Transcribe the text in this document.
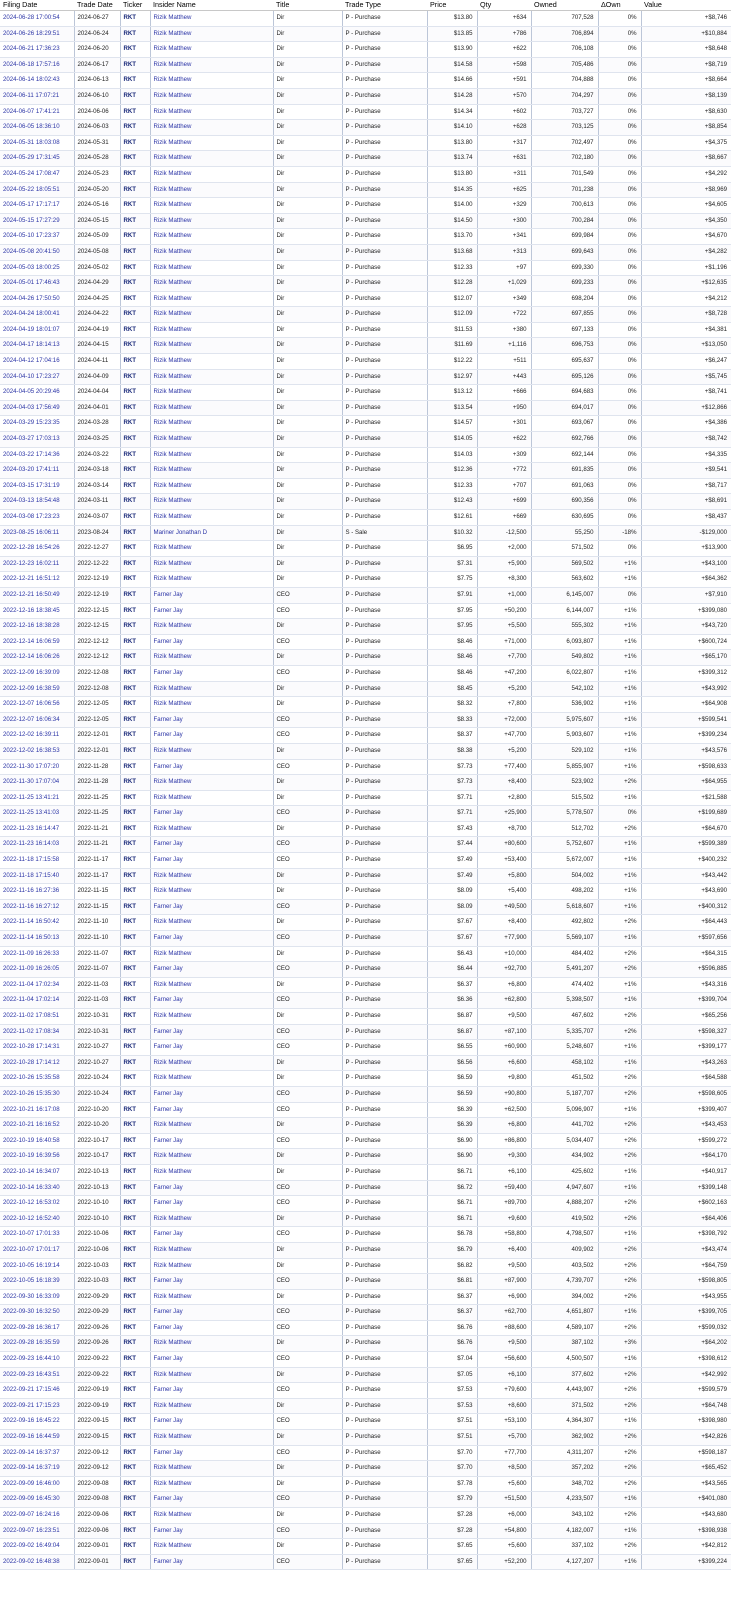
Filing Date	Trade Date	Ticker	Insider Name	Title	Trade Type	Price	Qty	Owned	ΔOwn	Value
2024-06-28 17:00:54	2024-06-27	RKT	Rizik Matthew	Dir	P - Purchase	$13.80	+634	707,528	0%	+$8,746
2024-06-26 18:29:51	2024-06-24	RKT	Rizik Matthew	Dir	P - Purchase	$13.85	+786	706,894	0%	+$10,884
2024-06-21 17:36:23	2024-06-20	RKT	Rizik Matthew	Dir	P - Purchase	$13.90	+622	706,108	0%	+$8,648
2024-06-18 17:57:16	2024-06-17	RKT	Rizik Matthew	Dir	P - Purchase	$14.58	+598	705,486	0%	+$8,719
2024-06-14 18:02:43	2024-06-13	RKT	Rizik Matthew	Dir	P - Purchase	$14.66	+591	704,888	0%	+$8,664
2024-06-11 17:07:21	2024-06-10	RKT	Rizik Matthew	Dir	P - Purchase	$14.28	+570	704,297	0%	+$8,139
2024-06-07 17:41:21	2024-06-06	RKT	Rizik Matthew	Dir	P - Purchase	$14.34	+602	703,727	0%	+$8,630
2024-06-05 18:36:10	2024-06-03	RKT	Rizik Matthew	Dir	P - Purchase	$14.10	+628	703,125	0%	+$8,854
2024-05-31 18:03:08	2024-05-31	RKT	Rizik Matthew	Dir	P - Purchase	$13.80	+317	702,497	0%	+$4,375
2024-05-29 17:31:45	2024-05-28	RKT	Rizik Matthew	Dir	P - Purchase	$13.74	+631	702,180	0%	+$8,667
2024-05-24 17:08:47	2024-05-23	RKT	Rizik Matthew	Dir	P - Purchase	$13.80	+311	701,549	0%	+$4,292
2024-05-22 18:05:51	2024-05-20	RKT	Rizik Matthew	Dir	P - Purchase	$14.35	+625	701,238	0%	+$8,969
2024-05-17 17:17:17	2024-05-16	RKT	Rizik Matthew	Dir	P - Purchase	$14.00	+329	700,613	0%	+$4,605
2024-05-15 17:27:29	2024-05-15	RKT	Rizik Matthew	Dir	P - Purchase	$14.50	+300	700,284	0%	+$4,350
2024-05-10 17:23:37	2024-05-09	RKT	Rizik Matthew	Dir	P - Purchase	$13.70	+341	699,984	0%	+$4,670
2024-05-08 20:41:50	2024-05-08	RKT	Rizik Matthew	Dir	P - Purchase	$13.68	+313	699,643	0%	+$4,282
2024-05-03 18:00:25	2024-05-02	RKT	Rizik Matthew	Dir	P - Purchase	$12.33	+97	699,330	0%	+$1,196
2024-05-01 17:46:43	2024-04-29	RKT	Rizik Matthew	Dir	P - Purchase	$12.28	+1,029	699,233	0%	+$12,635
2024-04-26 17:50:50	2024-04-25	RKT	Rizik Matthew	Dir	P - Purchase	$12.07	+349	698,204	0%	+$4,212
2024-04-24 18:00:41	2024-04-22	RKT	Rizik Matthew	Dir	P - Purchase	$12.09	+722	697,855	0%	+$8,728
2024-04-19 18:01:07	2024-04-19	RKT	Rizik Matthew	Dir	P - Purchase	$11.53	+380	697,133	0%	+$4,381
2024-04-17 18:14:13	2024-04-15	RKT	Rizik Matthew	Dir	P - Purchase	$11.69	+1,116	696,753	0%	+$13,050
2024-04-12 17:04:16	2024-04-11	RKT	Rizik Matthew	Dir	P - Purchase	$12.22	+511	695,637	0%	+$6,247
2024-04-10 17:23:27	2024-04-09	RKT	Rizik Matthew	Dir	P - Purchase	$12.97	+443	695,126	0%	+$5,745
2024-04-05 20:29:46	2024-04-04	RKT	Rizik Matthew	Dir	P - Purchase	$13.12	+666	694,683	0%	+$8,741
2024-04-03 17:56:49	2024-04-01	RKT	Rizik Matthew	Dir	P - Purchase	$13.54	+950	694,017	0%	+$12,866
2024-03-29 15:23:35	2024-03-28	RKT	Rizik Matthew	Dir	P - Purchase	$14.57	+301	693,067	0%	+$4,386
2024-03-27 17:03:13	2024-03-25	RKT	Rizik Matthew	Dir	P - Purchase	$14.05	+622	692,766	0%	+$8,742
2024-03-22 17:14:36	2024-03-22	RKT	Rizik Matthew	Dir	P - Purchase	$14.03	+309	692,144	0%	+$4,335
2024-03-20 17:41:11	2024-03-18	RKT	Rizik Matthew	Dir	P - Purchase	$12.36	+772	691,835	0%	+$9,541
2024-03-15 17:31:19	2024-03-14	RKT	Rizik Matthew	Dir	P - Purchase	$12.33	+707	691,063	0%	+$8,717
2024-03-13 18:54:48	2024-03-11	RKT	Rizik Matthew	Dir	P - Purchase	$12.43	+699	690,356	0%	+$8,691
2024-03-08 17:23:23	2024-03-07	RKT	Rizik Matthew	Dir	P - Purchase	$12.61	+669	630,695	0%	+$8,437
2023-08-25 16:06:11	2023-08-24	RKT	Mariner Jonathan D	Dir	S - Sale	$10.32	-12,500	55,250	-18%	-$129,000
2022-12-28 16:54:26	2022-12-27	RKT	Rizik Matthew	Dir	P - Purchase	$6.95	+2,000	571,502	0%	+$13,900
2022-12-23 16:02:11	2022-12-22	RKT	Rizik Matthew	Dir	P - Purchase	$7.31	+5,900	569,502	+1%	+$43,100
2022-12-21 16:51:12	2022-12-19	RKT	Rizik Matthew	Dir	P - Purchase	$7.75	+8,300	563,602	+1%	+$64,362
2022-12-21 16:50:49	2022-12-19	RKT	Farner Jay	CEO	P - Purchase	$7.91	+1,000	6,145,007	0%	+$7,910
2022-12-16 18:38:45	2022-12-15	RKT	Farner Jay	CEO	P - Purchase	$7.95	+50,200	6,144,007	+1%	+$399,080
2022-12-16 18:38:28	2022-12-15	RKT	Rizik Matthew	Dir	P - Purchase	$7.95	+5,500	555,302	+1%	+$43,720
2022-12-14 16:06:59	2022-12-12	RKT	Farner Jay	CEO	P - Purchase	$8.46	+71,000	6,093,807	+1%	+$600,724
2022-12-14 16:06:26	2022-12-12	RKT	Rizik Matthew	Dir	P - Purchase	$8.46	+7,700	549,802	+1%	+$65,170
2022-12-09 16:39:09	2022-12-08	RKT	Farner Jay	CEO	P - Purchase	$8.46	+47,200	6,022,807	+1%	+$399,312
2022-12-09 16:38:59	2022-12-08	RKT	Rizik Matthew	Dir	P - Purchase	$8.45	+5,200	542,102	+1%	+$43,992
2022-12-07 16:06:56	2022-12-05	RKT	Rizik Matthew	Dir	P - Purchase	$8.32	+7,800	536,902	+1%	+$64,908
2022-12-07 16:06:34	2022-12-05	RKT	Farner Jay	CEO	P - Purchase	$8.33	+72,000	5,975,607	+1%	+$599,541
2022-12-02 16:39:11	2022-12-01	RKT	Farner Jay	CEO	P - Purchase	$8.37	+47,700	5,903,607	+1%	+$399,234
2022-12-02 16:38:53	2022-12-01	RKT	Rizik Matthew	Dir	P - Purchase	$8.38	+5,200	529,102	+1%	+$43,576
2022-11-30 17:07:20	2022-11-28	RKT	Farner Jay	CEO	P - Purchase	$7.73	+77,400	5,855,907	+1%	+$598,633
2022-11-30 17:07:04	2022-11-28	RKT	Rizik Matthew	Dir	P - Purchase	$7.73	+8,400	523,902	+2%	+$64,955
2022-11-25 13:41:21	2022-11-25	RKT	Rizik Matthew	Dir	P - Purchase	$7.71	+2,800	515,502	+1%	+$21,588
2022-11-25 13:41:03	2022-11-25	RKT	Farner Jay	CEO	P - Purchase	$7.71	+25,900	5,778,507	0%	+$199,689
2022-11-23 16:14:47	2022-11-21	RKT	Rizik Matthew	Dir	P - Purchase	$7.43	+8,700	512,702	+2%	+$64,670
2022-11-23 16:14:03	2022-11-21	RKT	Farner Jay	CEO	P - Purchase	$7.44	+80,600	5,752,607	+1%	+$599,389
2022-11-18 17:15:58	2022-11-17	RKT	Farner Jay	CEO	P - Purchase	$7.49	+53,400	5,672,007	+1%	+$400,232
2022-11-18 17:15:40	2022-11-17	RKT	Rizik Matthew	Dir	P - Purchase	$7.49	+5,800	504,002	+1%	+$43,442
2022-11-16 16:27:36	2022-11-15	RKT	Rizik Matthew	Dir	P - Purchase	$8.09	+5,400	498,202	+1%	+$43,690
2022-11-16 16:27:12	2022-11-15	RKT	Farner Jay	CEO	P - Purchase	$8.09	+49,500	5,618,607	+1%	+$400,312
2022-11-14 16:50:42	2022-11-10	RKT	Rizik Matthew	Dir	P - Purchase	$7.67	+8,400	492,802	+2%	+$64,443
2022-11-14 16:50:13	2022-11-10	RKT	Farner Jay	CEO	P - Purchase	$7.67	+77,900	5,569,107	+1%	+$597,656
2022-11-09 16:26:33	2022-11-07	RKT	Rizik Matthew	Dir	P - Purchase	$6.43	+10,000	484,402	+2%	+$64,315
2022-11-09 16:26:05	2022-11-07	RKT	Farner Jay	CEO	P - Purchase	$6.44	+92,700	5,491,207	+2%	+$596,885
2022-11-04 17:02:34	2022-11-03	RKT	Rizik Matthew	Dir	P - Purchase	$6.37	+6,800	474,402	+1%	+$43,316
2022-11-04 17:02:14	2022-11-03	RKT	Farner Jay	CEO	P - Purchase	$6.36	+62,800	5,398,507	+1%	+$399,704
2022-11-02 17:08:51	2022-10-31	RKT	Rizik Matthew	Dir	P - Purchase	$6.87	+9,500	467,602	+2%	+$65,256
2022-11-02 17:08:34	2022-10-31	RKT	Farner Jay	CEO	P - Purchase	$6.87	+87,100	5,335,707	+2%	+$598,327
2022-10-28 17:14:31	2022-10-27	RKT	Farner Jay	CEO	P - Purchase	$6.55	+60,900	5,248,607	+1%	+$399,177
2022-10-28 17:14:12	2022-10-27	RKT	Rizik Matthew	Dir	P - Purchase	$6.56	+6,600	458,102	+1%	+$43,263
2022-10-26 15:35:58	2022-10-24	RKT	Rizik Matthew	Dir	P - Purchase	$6.59	+9,800	451,502	+2%	+$64,588
2022-10-26 15:35:30	2022-10-24	RKT	Farner Jay	CEO	P - Purchase	$6.59	+90,800	5,187,707	+2%	+$598,605
2022-10-21 16:17:08	2022-10-20	RKT	Farner Jay	CEO	P - Purchase	$6.39	+62,500	5,096,907	+1%	+$399,407
2022-10-21 16:16:52	2022-10-20	RKT	Rizik Matthew	Dir	P - Purchase	$6.39	+6,800	441,702	+2%	+$43,453
2022-10-19 16:40:58	2022-10-17	RKT	Farner Jay	CEO	P - Purchase	$6.90	+86,800	5,034,407	+2%	+$599,272
2022-10-19 16:39:56	2022-10-17	RKT	Rizik Matthew	Dir	P - Purchase	$6.90	+9,300	434,902	+2%	+$64,170
2022-10-14 16:34:07	2022-10-13	RKT	Rizik Matthew	Dir	P - Purchase	$6.71	+6,100	425,602	+1%	+$40,917
2022-10-14 16:33:40	2022-10-13	RKT	Farner Jay	CEO	P - Purchase	$6.72	+59,400	4,947,607	+1%	+$399,148
2022-10-12 16:53:02	2022-10-10	RKT	Farner Jay	CEO	P - Purchase	$6.71	+89,700	4,888,207	+2%	+$602,163
2022-10-12 16:52:40	2022-10-10	RKT	Rizik Matthew	Dir	P - Purchase	$6.71	+9,600	419,502	+2%	+$64,406
2022-10-07 17:01:33	2022-10-06	RKT	Farner Jay	CEO	P - Purchase	$6.78	+58,800	4,798,507	+1%	+$398,792
2022-10-07 17:01:17	2022-10-06	RKT	Rizik Matthew	Dir	P - Purchase	$6.79	+6,400	409,902	+2%	+$43,474
2022-10-05 16:19:14	2022-10-03	RKT	Rizik Matthew	Dir	P - Purchase	$6.82	+9,500	403,502	+2%	+$64,759
2022-10-05 16:18:39	2022-10-03	RKT	Farner Jay	CEO	P - Purchase	$6.81	+87,900	4,739,707	+2%	+$598,805
2022-09-30 16:33:09	2022-09-29	RKT	Rizik Matthew	Dir	P - Purchase	$6.37	+6,900	394,002	+2%	+$43,955
2022-09-30 16:32:50	2022-09-29	RKT	Farner Jay	CEO	P - Purchase	$6.37	+62,700	4,651,807	+1%	+$399,705
2022-09-28 16:36:17	2022-09-26	RKT	Farner Jay	CEO	P - Purchase	$6.76	+88,600	4,589,107	+2%	+$599,032
2022-09-28 16:35:59	2022-09-26	RKT	Rizik Matthew	Dir	P - Purchase	$6.76	+9,500	387,102	+3%	+$64,202
2022-09-23 16:44:10	2022-09-22	RKT	Farner Jay	CEO	P - Purchase	$7.04	+56,600	4,500,507	+1%	+$398,612
2022-09-23 16:43:51	2022-09-22	RKT	Rizik Matthew	Dir	P - Purchase	$7.05	+6,100	377,602	+2%	+$42,992
2022-09-21 17:15:46	2022-09-19	RKT	Farner Jay	CEO	P - Purchase	$7.53	+79,600	4,443,907	+2%	+$599,579
2022-09-21 17:15:23	2022-09-19	RKT	Rizik Matthew	Dir	P - Purchase	$7.53	+8,600	371,502	+2%	+$64,748
2022-09-16 16:45:22	2022-09-15	RKT	Farner Jay	CEO	P - Purchase	$7.51	+53,100	4,364,307	+1%	+$398,980
2022-09-16 16:44:59	2022-09-15	RKT	Rizik Matthew	Dir	P - Purchase	$7.51	+5,700	362,902	+2%	+$42,826
2022-09-14 16:37:37	2022-09-12	RKT	Farner Jay	CEO	P - Purchase	$7.70	+77,700	4,311,207	+2%	+$598,187
2022-09-14 16:37:19	2022-09-12	RKT	Rizik Matthew	Dir	P - Purchase	$7.70	+8,500	357,202	+2%	+$65,452
2022-09-09 16:46:00	2022-09-08	RKT	Rizik Matthew	Dir	P - Purchase	$7.78	+5,600	348,702	+2%	+$43,565
2022-09-09 16:45:30	2022-09-08	RKT	Farner Jay	CEO	P - Purchase	$7.79	+51,500	4,233,507	+1%	+$401,080
2022-09-07 16:24:16	2022-09-06	RKT	Rizik Matthew	Dir	P - Purchase	$7.28	+6,000	343,102	+2%	+$43,680
2022-09-07 16:23:51	2022-09-06	RKT	Farner Jay	CEO	P - Purchase	$7.28	+54,800	4,182,007	+1%	+$398,938
2022-09-02 16:49:04	2022-09-01	RKT	Rizik Matthew	Dir	P - Purchase	$7.65	+5,600	337,102	+2%	+$42,812
2022-09-02 16:48:38	2022-09-01	RKT	Farner Jay	CEO	P - Purchase	$7.65	+52,200	4,127,207	+1%	+$399,224
